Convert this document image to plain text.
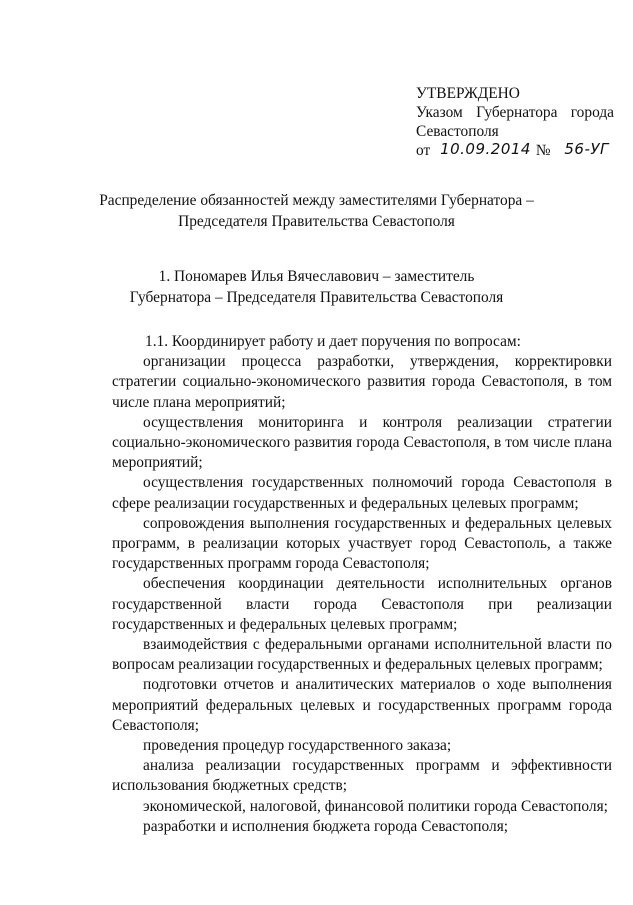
УТВЕРЖДЕНО
Указом Губернатора города
Севастополя
от 10.09.2014 № 56-УГ
Распределение обязанностей между заместителями Губернатора –
Председателя Правительства Севастополя
1. Пономарев Илья Вячеславович – заместитель
Губернатора – Председателя Правительства Севастополя

1.1. Координирует работу и дает поручения по вопросам:

организации процесса разработки, утверждения, корректировки стратегии социально-экономического развития города Севастополя, в том числе плана мероприятий;

осуществления мониторинга и контроля реализации стратегии социально-экономического развития города Севастополя, в том числе плана мероприятий;

осуществления государственных полномочий города Севастополя в сфере реализации государственных и федеральных целевых программ;

сопровождения выполнения государственных и федеральных целевых программ, в реализации которых участвует город Севастополь, а также государственных программ города Севастополя;

обеспечения координации деятельности исполнительных органов государственной власти города Севастополя при реализации государственных и федеральных целевых программ;

взаимодействия с федеральными органами исполнительной власти по вопросам реализации государственных и федеральных целевых программ;

подготовки отчетов и аналитических материалов о ходе выполнения мероприятий федеральных целевых и государственных программ города Севастополя;

проведения процедур государственного заказа;

анализа реализации государственных программ и эффективности использования бюджетных средств;

экономической, налоговой, финансовой политики города Севастополя;

разработки и исполнения бюджета города Севастополя;
